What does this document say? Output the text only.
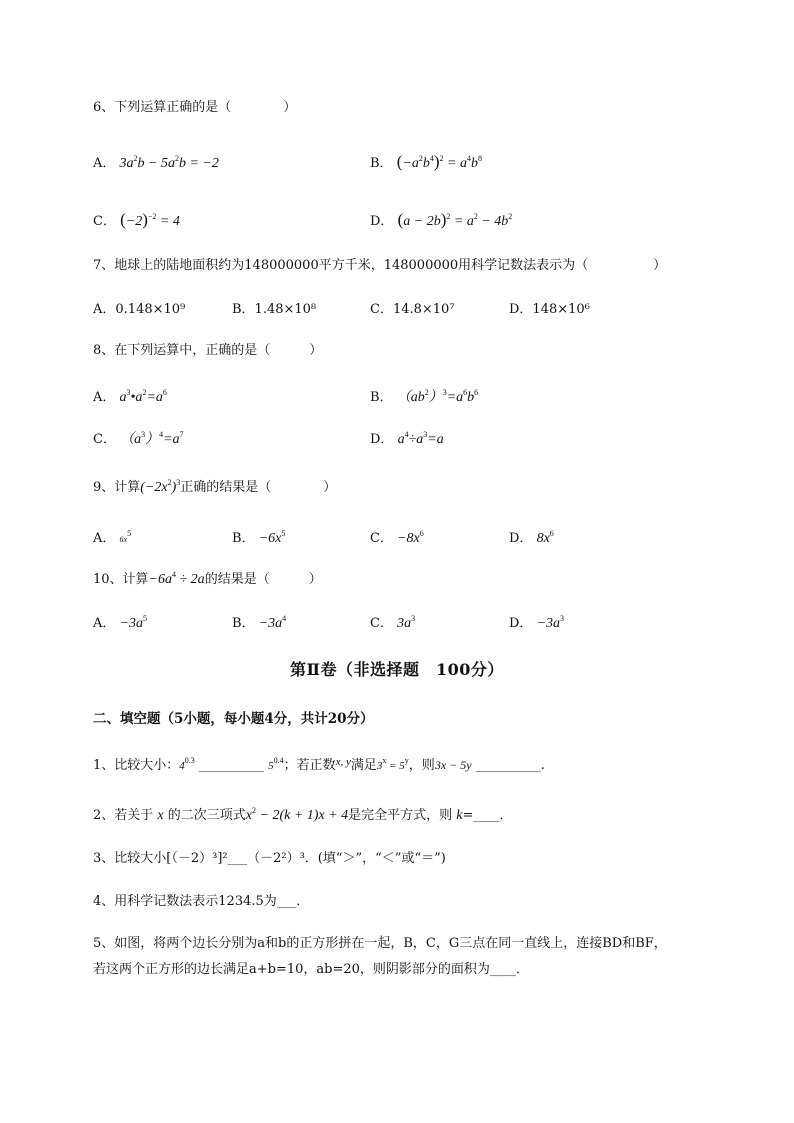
6、下列运算正确的是（　　　　）
A． $3a^2b - 5a^2b = -2$	B． $(-a^2b^4)^2 = a^4b^8$
C． $(-2)^{-2} = 4$	D． $(a - 2b)^2 = a^2 - 4b^2$
7、地球上的陆地面积约为148000000平方千米，148000000用科学记数法表示为（　　　　　）
A．0.148×10⁹	B．1.48×10⁸	C．14.8×10⁷	D．148×10⁶
8、在下列运算中，正确的是（　　　）
A． $a^3•a^2=a^6$	B． $(ab^2)^3=a^6b^6$
C． $(a^3)^4=a^7$	D． $a^4\div a^3=a$
9、计算$(-2x^2)^3$正确的结果是（　　　　）
A． 6x5	B． $-6x^5$	C． $-8x^6$	D． $8x^6$
10、计算$-6a^4 \div 2a$的结果是（　　　）
A． $-3a^5$	B． $-3a^4$	C． $3a^3$	D． $-3a^3$
第Ⅱ卷（非选择题　100分）
二、填空题（5小题，每小题4分，共计20分）
1、比较大小：$4^{0.3}$ __________ $5^{0.4}$；若正数$^{x, y}$满足$3^x = 5^y$，则3x − 5y __________.
2、若关于 x 的二次三项式$x^2 - 2(k + 1)x + 4$是完全平方式，则 k=____．
3、比较大小[（－2）³]²___（－2²）³．(填“＞”，“＜”或“＝”)
4、用科学记数法表示1234.5为___．
5、如图，将两个边长分别为a和b的正方形拼在一起，B，C，G三点在同一直线上，连接BD和BF，
若这两个正方形的边长满足a+b=10，ab=20，则阴影部分的面积为____．
